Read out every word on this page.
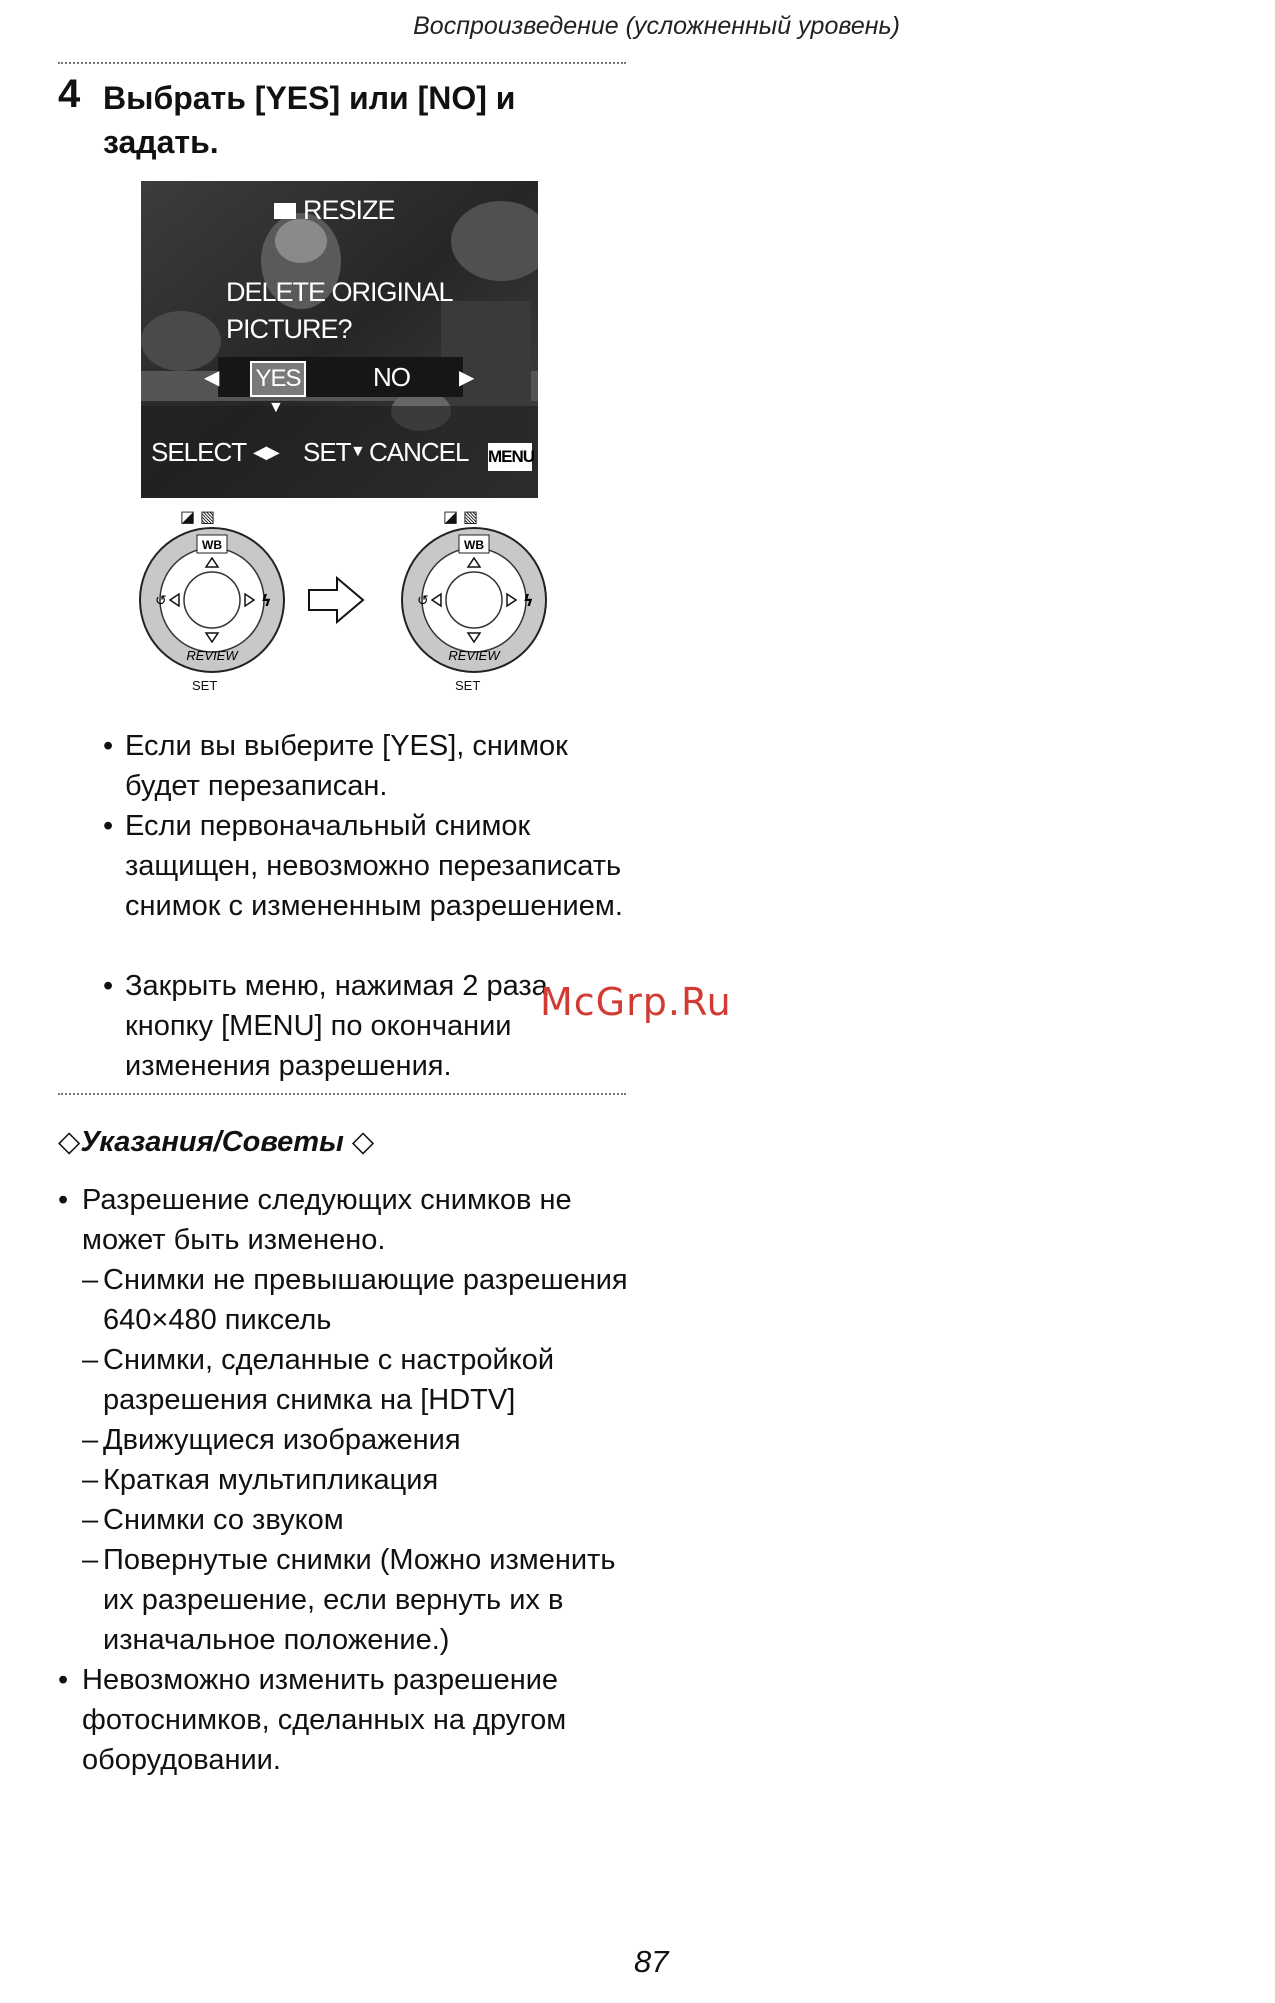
Воспроизведение (усложненный уровень)
4 Выбрать [YES] или [NO] и задать.
RESIZE
DELETE ORIGINAL
PICTURE?
◀ YES	NO ▶
▼
SELECT ◀▶ SET ▼ CANCEL MENU
◪ ▧
WB
↺	ϟ
REVIEW
SET
◪ ▧
WB
↺	ϟ
REVIEW
SET
• Если вы выберите [YES], снимок будет перезаписан.
• Если первоначальный снимок защищен, невозможно перезаписать снимок с измененным разрешением.
• Закрыть меню, нажимая 2 раза кнопку [MENU] по окончании изменения разрешения.
◇Указания/Советы ◇
• Разрешение следующих снимков не может быть изменено.
– Снимки не превышающие разрешения 640×480 пиксель
– Снимки, сделанные с настройкой разрешения снимка на [HDTV]
– Движущиеся изображения
– Краткая мультипликация
– Снимки со звуком
– Повернутые снимки (Можно изменить их разрешение, если вернуть их в изначальное положение.)
• Невозможно изменить разрешение фотоснимков, сделанных на другом оборудовании.
McGrp.Ru
87
